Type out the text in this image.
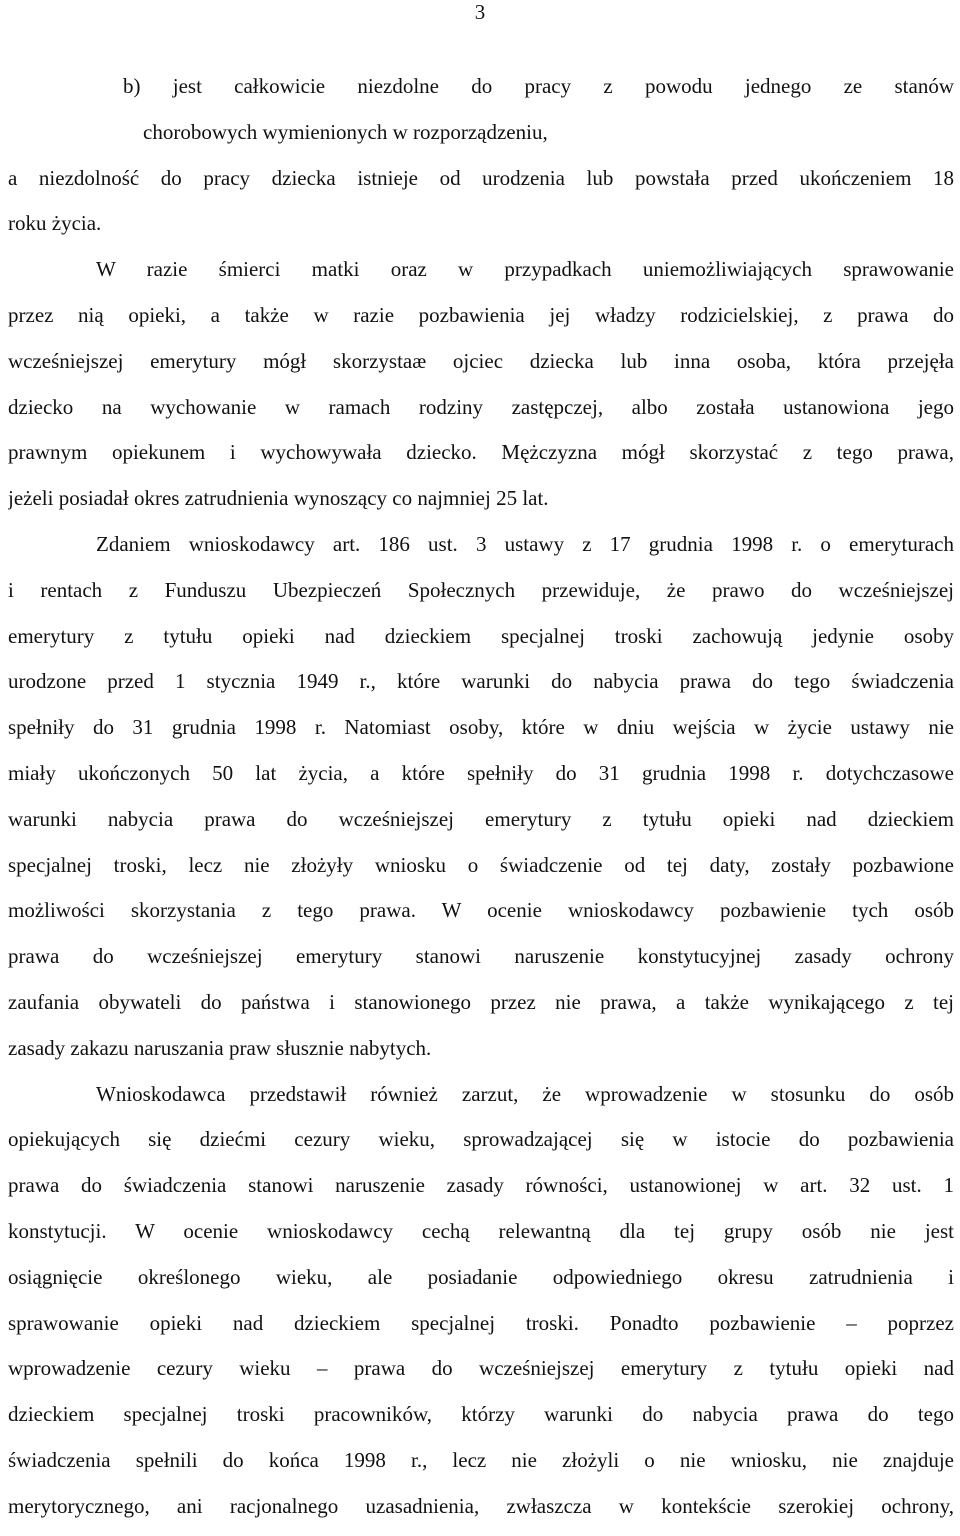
3
b) jest całkowicie niezdolne do pracy z powodu jednego ze stanów
chorobowych wymienionych w rozporządzeniu,
a niezdolność do pracy dziecka istnieje od urodzenia lub powstała przed ukończeniem 18
roku życia.
W razie śmierci matki oraz w przypadkach uniemożliwiających sprawowanie
przez nią opieki, a także w razie pozbawienia jej władzy rodzicielskiej, z prawa do
wcześniejszej emerytury mógł skorzystaæ ojciec dziecka lub inna osoba, która przejęła
dziecko na wychowanie w ramach rodziny zastępczej, albo została ustanowiona jego
prawnym opiekunem i wychowywała dziecko. Mężczyzna mógł skorzystać z tego prawa,
jeżeli posiadał okres zatrudnienia wynoszący co najmniej 25 lat.
Zdaniem wnioskodawcy art. 186 ust. 3 ustawy z 17 grudnia 1998 r. o emeryturach
i rentach z Funduszu Ubezpieczeń Społecznych przewiduje, że prawo do wcześniejszej
emerytury z tytułu opieki nad dzieckiem specjalnej troski zachowują jedynie osoby
urodzone przed 1 stycznia 1949 r., które warunki do nabycia prawa do tego świadczenia
spełniły do 31 grudnia 1998 r. Natomiast osoby, które w dniu wejścia w życie ustawy nie
miały ukończonych 50 lat życia, a które spełniły do 31 grudnia 1998 r. dotychczasowe
warunki nabycia prawa do wcześniejszej emerytury z tytułu opieki nad dzieckiem
specjalnej troski, lecz nie złożyły wniosku o świadczenie od tej daty, zostały pozbawione
możliwości skorzystania z tego prawa. W ocenie wnioskodawcy pozbawienie tych osób
prawa do wcześniejszej emerytury stanowi naruszenie konstytucyjnej zasady ochrony
zaufania obywateli do państwa i stanowionego przez nie prawa, a także wynikającego z tej
zasady zakazu naruszania praw słusznie nabytych.
Wnioskodawca przedstawił również zarzut, że wprowadzenie w stosunku do osób
opiekujących się dziećmi cezury wieku, sprowadzającej się w istocie do pozbawienia
prawa do świadczenia stanowi naruszenie zasady równości, ustanowionej w art. 32 ust. 1
konstytucji. W ocenie wnioskodawcy cechą relewantną dla tej grupy osób nie jest
osiągnięcie określonego wieku, ale posiadanie odpowiedniego okresu zatrudnienia i
sprawowanie opieki nad dzieckiem specjalnej troski. Ponadto pozbawienie – poprzez
wprowadzenie cezury wieku – prawa do wcześniejszej emerytury z tytułu opieki nad
dzieckiem specjalnej troski pracowników, którzy warunki do nabycia prawa do tego
świadczenia spełnili do końca 1998 r., lecz nie złożyli o nie wniosku, nie znajduje
merytorycznego, ani racjonalnego uzasadnienia, zwłaszcza w kontekście szerokiej ochrony,
